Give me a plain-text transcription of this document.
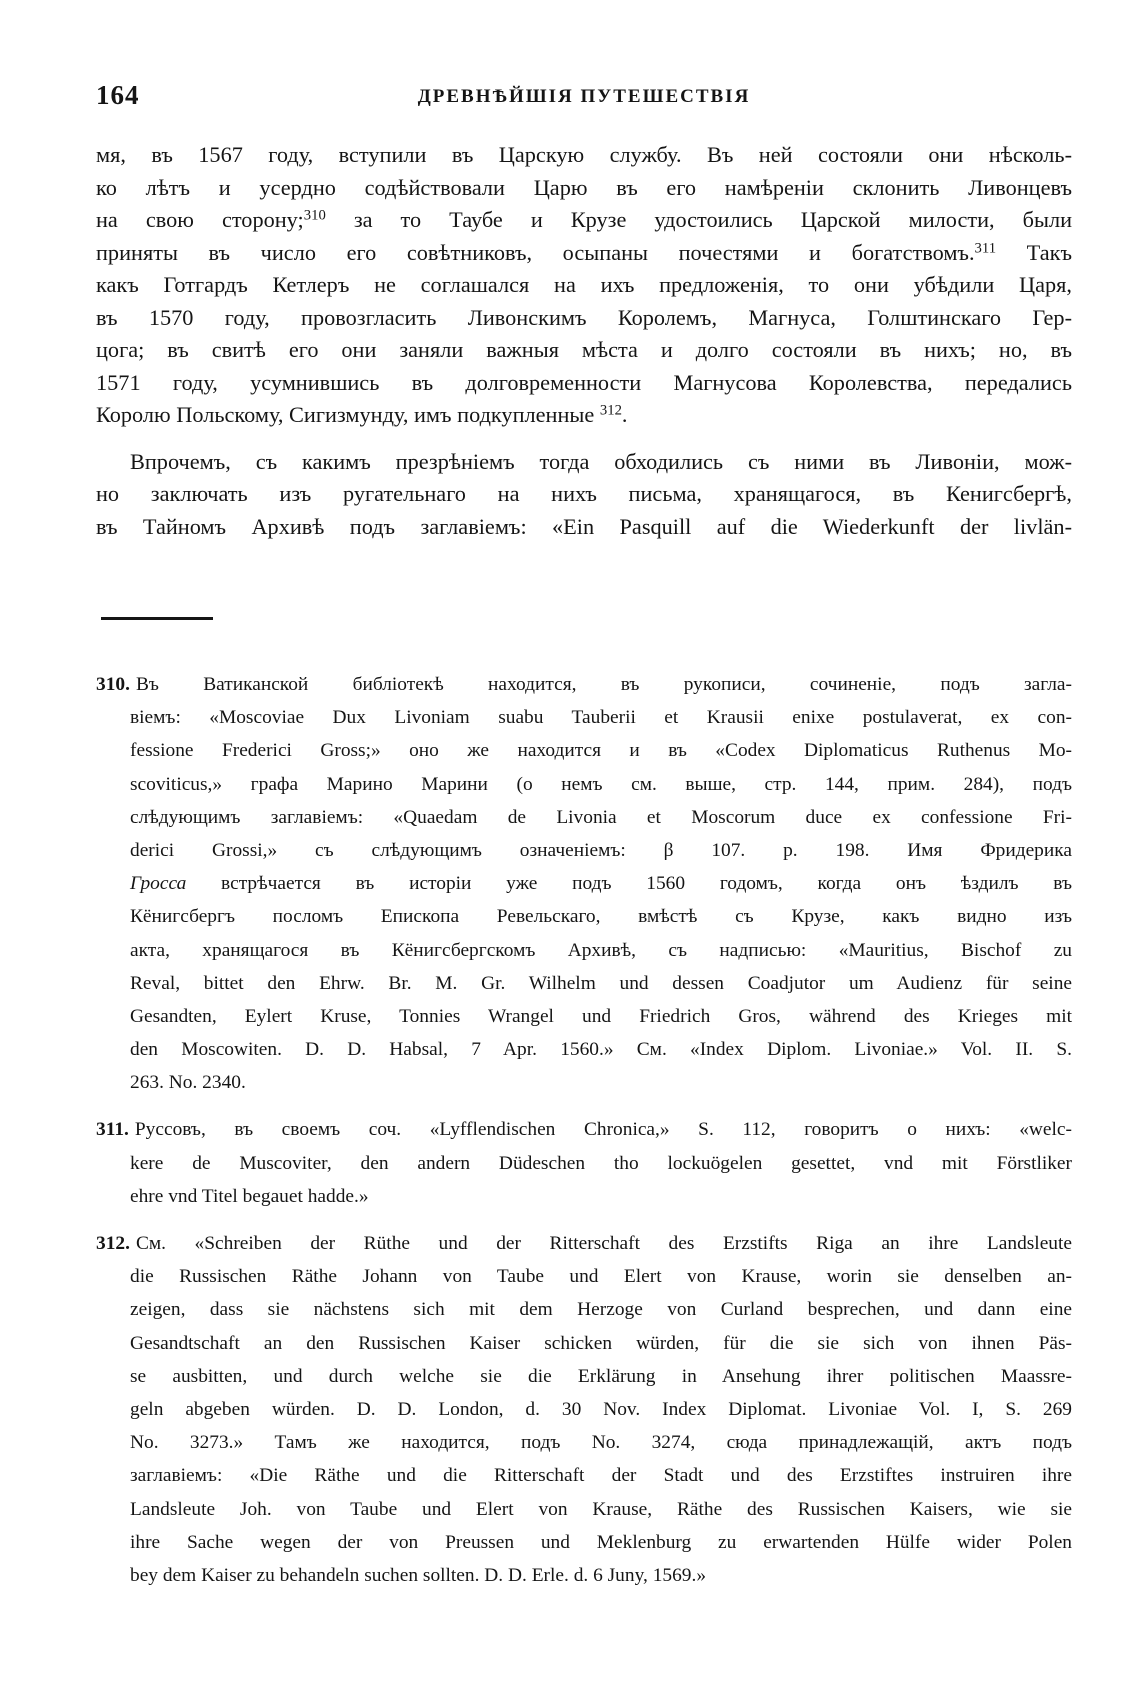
164	ДРЕВНѢЙШІЯ ПУТЕШЕСТВІЯ
мя, въ 1567 году, вступили въ Царскую службу. Въ ней состояли они нѣсколь-
ко лѣтъ и усердно содѣйствовали Царю въ его намѣреніи склонить Ливонцевъ
на свою сторону;$^{310}$ за то Таубе и Крузе удостоились Царской милости, были
приняты въ число его совѣтниковъ, осыпаны почестями и богатствомъ.$^{311}$ Такъ
какъ Готгардъ Кетлеръ не соглашался на ихъ предложенія, то они убѣдили Царя,
въ 1570 году, провозгласить Ливонскимъ Королемъ, Магнуса, Голштинскаго Гер-
цога; въ свитѣ его они заняли важныя мѣста и долго состояли въ нихъ; но, въ
1571 году, усумнившись въ долговременности Магнусова Королевства, передались
Королю Польскому, Сигизмунду, имъ подкупленные $^{312}$.
Впрочемъ, съ какимъ презрѣніемъ тогда обходились съ ними въ Ливоніи, мож-
но заключать изъ ругательнаго на нихъ письма, хранящагося, въ Кенигсбергѣ,
въ Тайномъ Архивѣ подъ заглавіемъ: «Ein Pasquill auf die Wiederkunft der livlän-
310. Въ Ватиканской библіотекѣ находится, въ рукописи, сочиненіе, подъ загла-
віемъ: «Moscoviae Dux Livoniam suabu Tauberii et Krausii enixe postulaverat, ex con-
fessione Frederici Gross;» оно же находится и въ «Codex Diplomaticus Ruthenus Mo-
scoviticus,» графа Марино Марини (о немъ см. выше, стр. 144, прим. 284), подъ
слѣдующимъ заглавіемъ: «Quaedam de Livonia et Moscorum duce ex confessione Fri-
derici Grossi,» съ слѣдующимъ означеніемъ: β 107. p. 198. Имя Фридерика
Гросса встрѣчается въ исторіи уже подъ 1560 годомъ, когда онъ ѣздилъ въ
Кёнигсбергъ посломъ Епископа Ревельскаго, вмѣстѣ съ Крузе, какъ видно изъ
акта, хранящагося въ Кёнигсбергскомъ Архивѣ, съ надписью: «Mauritius, Bischof zu
Reval, bittet den Ehrw. Br. M. Gr. Wilhelm und dessen Coadjutor um Audienz für seine
Gesandten, Eylert Kruse, Tonnies Wrangel und Friedrich Gros, während des Krieges mit
den Moscowiten. D. D. Habsal, 7 Apr. 1560.» См. «Index Diplom. Livoniae.» Vol. II. S.
263. No. 2340.
311. Руссовъ, въ своемъ соч. «Lyfflendischen Chronica,» S. 112, говоритъ о нихъ: «welc-
kere de Muscoviter, den andern Düdeschen tho lockuögelen gesettet, vnd mit Förstliker
ehre vnd Titel begauet hadde.»
312. См. «Schreiben der Rüthe und der Ritterschaft des Erzstifts Riga an ihre Landsleute
die Russischen Räthe Johann von Taube und Elert von Krause, worin sie denselben an-
zeigen, dass sie nächstens sich mit dem Herzoge von Curland besprechen, und dann eine
Gesandtschaft an den Russischen Kaiser schicken würden, für die sie sich von ihnen Päs-
se ausbitten, und durch welche sie die Erklärung in Ansehung ihrer politischen Maassre-
geln abgeben würden. D. D. London, d. 30 Nov. Index Diplomat. Livoniae Vol. I, S. 269
No. 3273.» Тамъ же находится, подъ No. 3274, сюда принадлежащій, актъ подъ
заглавіемъ: «Die Räthe und die Ritterschaft der Stadt und des Erzstiftes instruiren ihre
Landsleute Joh. von Taube und Elert von Krause, Räthe des Russischen Kaisers, wie sie
ihre Sache wegen der von Preussen und Meklenburg zu erwartenden Hülfe wider Polen
bey dem Kaiser zu behandeln suchen sollten. D. D. Erle. d. 6 Juny, 1569.»
